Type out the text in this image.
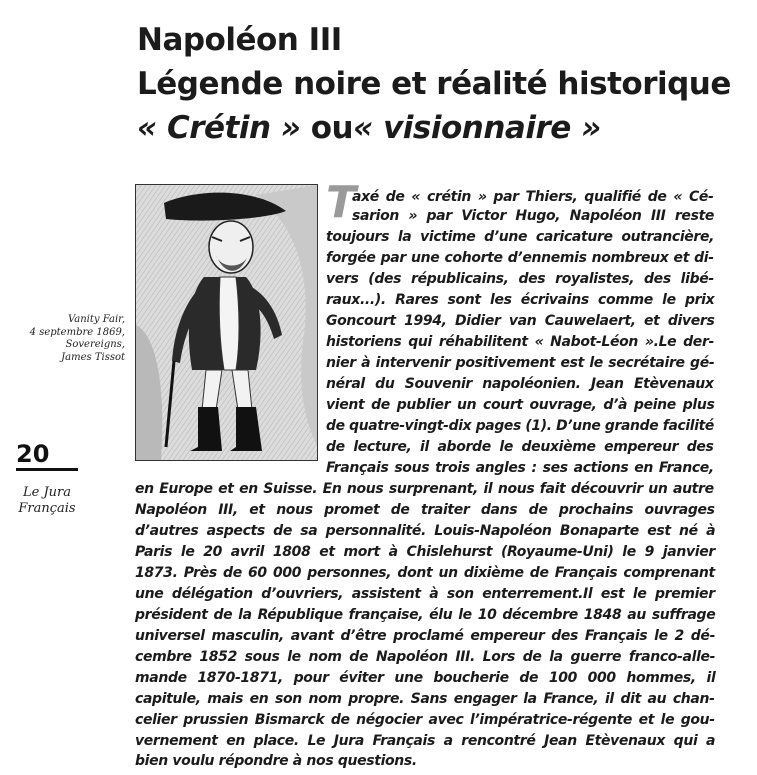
Napoléon III
Légende noire et réalité historique
« Crétin » ou« visionnaire »
Vanity Fair,
4 septembre 1869,
Sovereigns,
James Tissot
20
Le Jura
Français
T
axé de « crétin » par Thiers, qualifié de « Cé-
sarion » par Victor Hugo, Napoléon III reste
toujours la victime d’une caricature outrancière,
forgée par une cohorte d’ennemis nombreux et di-
vers (des républicains, des royalistes, des libé-
raux...). Rares sont les écrivains comme le prix
Goncourt 1994, Didier van Cauwelaert, et divers
historiens qui réhabilitent « Nabot-Léon ».Le der-
nier à intervenir positivement est le secrétaire gé-
néral du Souvenir napoléonien. Jean Etèvenaux
vient de publier un court ouvrage, d’à peine plus
de quatre-vingt-dix pages (1). D’une grande facilité
de lecture, il aborde le deuxième empereur des
Français sous trois angles : ses actions en France,
en Europe et en Suisse. En nous surprenant, il nous fait découvrir un autre
Napoléon III, et nous promet de traiter dans de prochains ouvrages
d’autres aspects de sa personnalité. Louis-Napoléon Bonaparte est né à
Paris le 20 avril 1808 et mort à Chislehurst (Royaume-Uni) le 9 janvier
1873. Près de 60 000 personnes, dont un dixième de Français comprenant
une délégation d’ouvriers, assistent à son enterrement.Il est le premier
président de la République française, élu le 10 décembre 1848 au suffrage
universel masculin, avant d’être proclamé empereur des Français le 2 dé-
cembre 1852 sous le nom de Napoléon III. Lors de la guerre franco-alle-
mande 1870-1871, pour éviter une boucherie de 100 000 hommes, il
capitule, mais en son nom propre. Sans engager la France, il dit au chan-
celier prussien Bismarck de négocier avec l’impératrice-régente et le gou-
vernement en place. Le Jura Français a rencontré Jean Etèvenaux qui a
bien voulu répondre à nos questions.
